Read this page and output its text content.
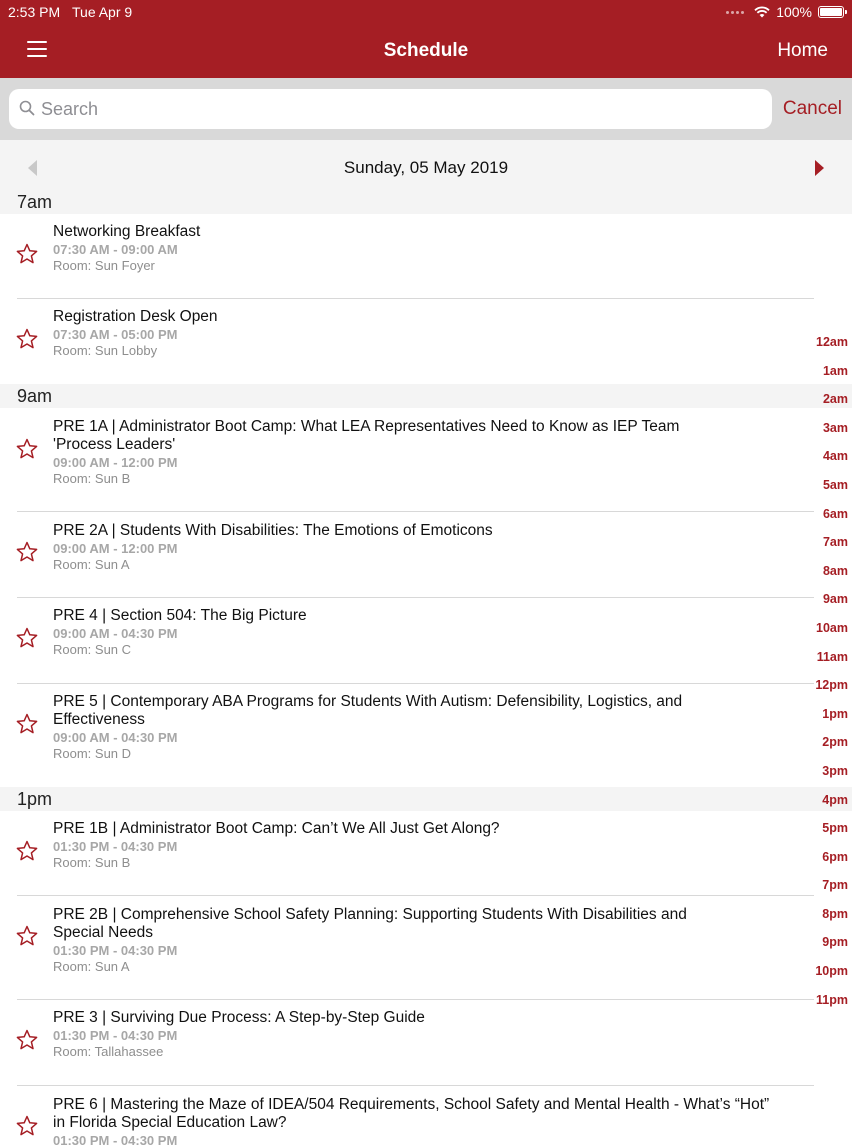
2:53 PM Tue Apr 9	100%
Schedule	Home
Search
Cancel
Sunday, 05 May 2019
7am
Networking Breakfast
07:30 AM - 09:00 AM
Room: Sun Foyer
Registration Desk Open
07:30 AM - 05:00 PM
Room: Sun Lobby
9am
PRE 1A | Administrator Boot Camp: What LEA Representatives Need to Know as IEP Team 'Process Leaders'
09:00 AM - 12:00 PM
Room: Sun B
PRE 2A | Students With Disabilities: The Emotions of Emoticons
09:00 AM - 12:00 PM
Room: Sun A
PRE 4 | Section 504: The Big Picture
09:00 AM - 04:30 PM
Room: Sun C
PRE 5 | Contemporary ABA Programs for Students With Autism: Defensibility, Logistics, and Effectiveness
09:00 AM - 04:30 PM
Room: Sun D
1pm
PRE 1B | Administrator Boot Camp: Can’t We All Just Get Along?
01:30 PM - 04:30 PM
Room: Sun B
PRE 2B | Comprehensive School Safety Planning: Supporting Students With Disabilities and Special Needs
01:30 PM - 04:30 PM
Room: Sun A
PRE 3 | Surviving Due Process: A Step-by-Step Guide
01:30 PM - 04:30 PM
Room: Tallahassee
PRE 6 | Mastering the Maze of IDEA/504 Requirements, School Safety and Mental Health - What’s “Hot” in Florida Special Education Law?
01:30 PM - 04:30 PM
12am
1am
2am
3am
4am
5am
6am
7am
8am
9am
10am
11am
12pm
1pm
2pm
3pm
4pm
5pm
6pm
7pm
8pm
9pm
10pm
11pm
